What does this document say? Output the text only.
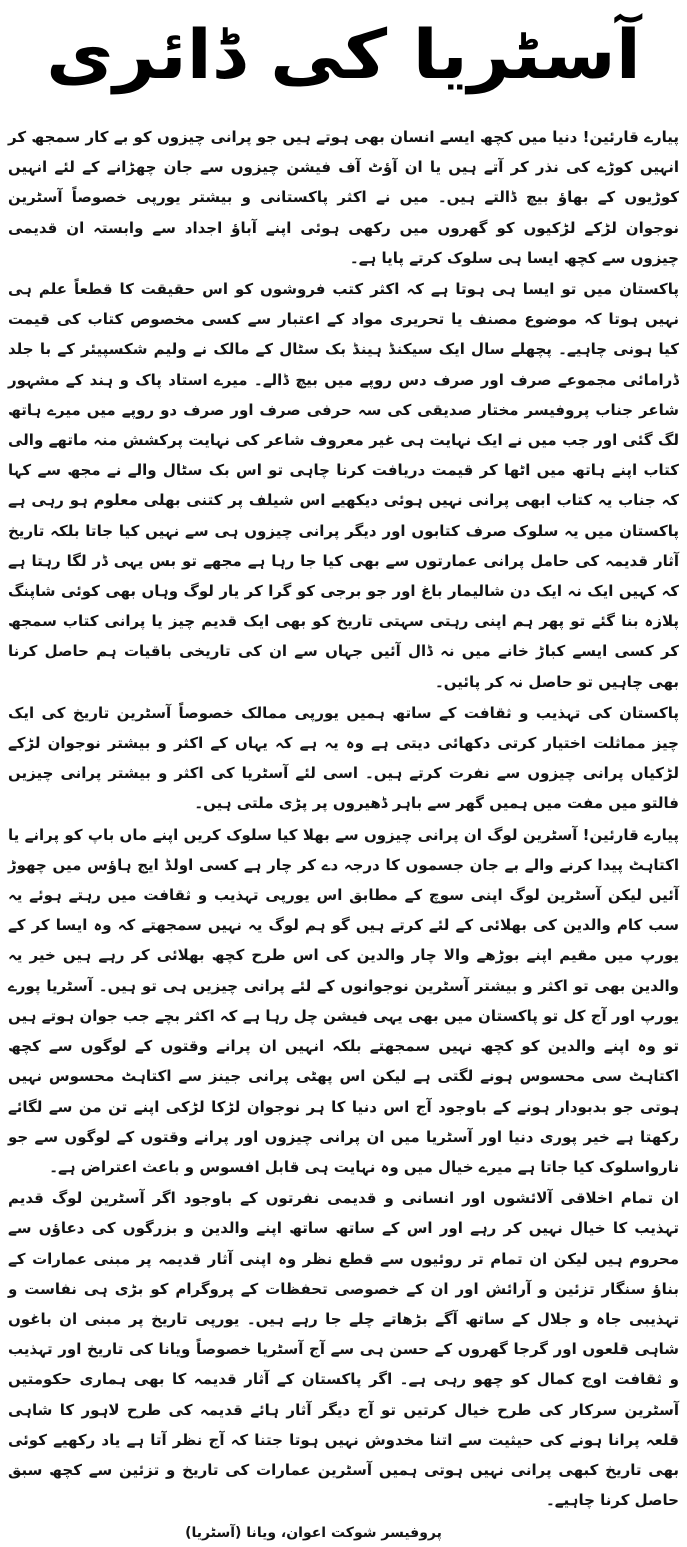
آسٹریا کی ڈائری

پیارے قارئین! دنیا میں کچھ ایسے انسان بھی ہوتے ہیں جو پرانی چیزوں کو بے کار سمجھ کر انہیں کوڑے کی نذر کر آتے ہیں یا ان آؤٹ آف فیشن چیزوں سے جان چھڑانے کے لئے انہیں کوڑیوں کے بھاؤ بیچ ڈالتے ہیں۔ میں نے اکثر پاکستانی و بیشتر یورپی خصوصاً آسٹرین نوجوان لڑکے لڑکیوں کو گھروں میں رکھی ہوئی اپنے آباؤ اجداد سے وابستہ ان قدیمی چیزوں سے کچھ ایسا ہی سلوک کرتے پایا ہے۔

پاکستان میں تو ایسا ہی ہوتا ہے کہ اکثر کتب فروشوں کو اس حقیقت کا قطعاً علم ہی نہیں ہوتا کہ موضوع مصنف یا تحریری مواد کے اعتبار سے کسی مخصوص کتاب کی قیمت کیا ہونی چاہیے۔ پچھلے سال ایک سیکنڈ ہینڈ بک سٹال کے مالک نے ولیم شکسپیئر کے با جلد ڈرامائی مجموعے صرف اور صرف دس روپے میں بیچ ڈالے۔ میرے استاد پاک و ہند کے مشہور شاعر جناب پروفیسر مختار صدیقی کی سہ حرفی صرف اور صرف دو روپے میں میرے ہاتھ لگ گئی اور جب میں نے ایک نہایت ہی غیر معروف شاعر کی نہایت پرکشش منہ ماتھے والی کتاب اپنے ہاتھ میں اٹھا کر قیمت دریافت کرنا چاہی تو اس بک سٹال والے نے مجھ سے کہا کہ جناب یہ کتاب ابھی پرانی نہیں ہوئی دیکھیے اس شیلف پر کتنی بھلی معلوم ہو رہی ہے پاکستان میں یہ سلوک صرف کتابوں اور دیگر پرانی چیزوں ہی سے نہیں کیا جاتا بلکہ تاریخ آثار قدیمہ کی حامل پرانی عمارتوں سے بھی کیا جا رہا ہے مجھے تو بس یہی ڈر لگا رہتا ہے کہ کہیں ایک نہ ایک دن شالیمار باغ اور جو برجی کو گرا کر یار لوگ وہاں بھی کوئی شاپنگ پلازہ بنا گئے تو پھر ہم اپنی رہتی سہتی تاریخ کو بھی ایک قدیم چیز یا پرانی کتاب سمجھ کر کسی ایسے کباڑ خانے میں نہ ڈال آئیں جہاں سے ان کی تاریخی باقیات ہم حاصل کرنا بھی چاہیں تو حاصل نہ کر پائیں۔

پاکستان کی تہذیب و ثقافت کے ساتھ ہمیں یورپی ممالک خصوصاً آسٹرین تاریخ کی ایک چیز مماثلت اختیار کرتی دکھائی دیتی ہے وہ یہ ہے کہ یہاں کے اکثر و بیشتر نوجوان لڑکے لڑکیاں پرانی چیزوں سے نفرت کرتے ہیں۔ اسی لئے آسٹریا کی اکثر و بیشتر پرانی چیزیں فالتو میں مفت میں ہمیں گھر سے باہر ڈھیروں پر پڑی ملتی ہیں۔

پیارے قارئین! آسٹرین لوگ ان پرانی چیزوں سے بھلا کیا سلوک کریں اپنے ماں باپ کو پرانے یا اکتاہٹ پیدا کرنے والے بے جان جسموں کا درجہ دے کر چار ہے کسی اولڈ ایج ہاؤس میں چھوڑ آئیں لیکن آسٹرین لوگ اپنی سوچ کے مطابق اس یورپی تہذیب و ثقافت میں رہتے ہوئے یہ سب کام والدین کی بھلائی کے لئے کرتے ہیں گو ہم لوگ یہ نہیں سمجھتے کہ وہ ایسا کر کے یورپ میں مقیم اپنے بوڑھے والا چار والدین کی اس طرح کچھ بھلائی کر رہے ہیں خیر یہ والدین بھی تو اکثر و بیشتر آسٹرین نوجوانوں کے لئے پرانی چیزیں ہی تو ہیں۔ آسٹریا پورے یورپ اور آج کل تو پاکستان میں بھی یہی فیشن چل رہا ہے کہ اکثر بچے جب جوان ہوتے ہیں تو وہ اپنے والدین کو کچھ نہیں سمجھتے بلکہ انہیں ان پرانے وقتوں کے لوگوں سے کچھ اکتاہٹ سی محسوس ہونے لگتی ہے لیکن اس پھٹی پرانی جینز سے اکتاہٹ محسوس نہیں ہوتی جو بدبودار ہونے کے باوجود آج اس دنیا کا ہر نوجوان لڑکا لڑکی اپنے تن من سے لگائے رکھتا ہے خیر پوری دنیا اور آسٹریا میں ان پرانی چیزوں اور پرانے وقتوں کے لوگوں سے جو نارواسلوک کیا جاتا ہے میرے خیال میں وہ نہایت ہی قابل افسوس و باعث اعتراض ہے۔

ان تمام اخلاقی آلائشوں اور انسانی و قدیمی نفرتوں کے باوجود اگر آسٹرین لوگ قدیم تہذیب کا خیال نہیں کر رہے اور اس کے ساتھ ساتھ اپنے والدین و بزرگوں کی دعاؤں سے محروم ہیں لیکن ان تمام تر روئیوں سے قطع نظر وہ اپنی آثار قدیمہ پر مبنی عمارات کے بناؤ سنگار تزئین و آرائش اور ان کے خصوصی تحفظات کے پروگرام کو بڑی ہی نفاست و تہذیبی جاہ و جلال کے ساتھ آگے بڑھاتے چلے جا رہے ہیں۔ یورپی تاریخ پر مبنی ان باغوں شاہی قلعوں اور گرجا گھروں کے حسن ہی سے آج آسٹریا خصوصاً ویانا کی تاریخ اور تہذیب و ثقافت اوج کمال کو چھو رہی ہے۔ اگر پاکستان کے آثار قدیمہ کا بھی ہماری حکومتیں آسٹرین سرکار کی طرح خیال کرتیں تو آج دیگر آثار ہائے قدیمہ کی طرح لاہور کا شاہی قلعہ پرانا ہونے کی حیثیت سے اتنا مخدوش نہیں ہوتا جتنا کہ آج نظر آتا ہے یاد رکھیے کوئی بھی تاریخ کبھی پرانی نہیں ہوتی ہمیں آسٹرین عمارات کی تاریخ و تزئین سے کچھ سبق حاصل کرنا چاہیے۔

پروفیسر شوکت اعوان، ویانا (آسٹریا)
